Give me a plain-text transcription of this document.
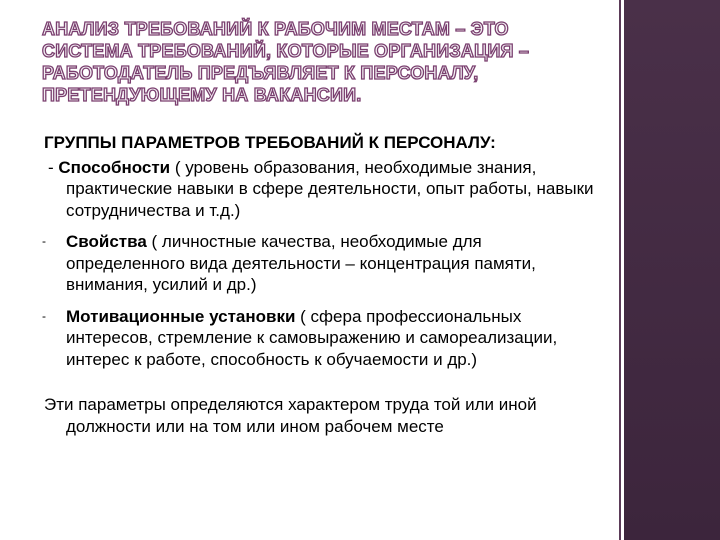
АНАЛИЗ ТРЕБОВАНИЙ К РАБОЧИМ МЕСТАМ – ЭТО СИСТЕМА ТРЕБОВАНИЙ, КОТОРЫЕ ОРГАНИЗАЦИЯ – РАБОТОДАТЕЛЬ ПРЕДЪЯВЛЯЕТ К ПЕРСОНАЛУ, ПРЕТЕНДУЮЩЕМУ НА ВАКАНСИИ.
ГРУППЫ ПАРАМЕТРОВ ТРЕБОВАНИЙ К ПЕРСОНАЛУ:
- Способности ( уровень образования, необходимые знания, практические навыки в сфере деятельности, опыт работы, навыки сотрудничества и т.д.)
- Свойства ( личностные качества, необходимые для определенного вида деятельности – концентрация памяти, внимания, усилий и др.)
- Мотивационные установки ( сфера профессиональных интересов, стремление к самовыражению и самореализации, интерес к работе, способность к обучаемости и др.)
Эти параметры определяются характером труда той или иной должности или на том или ином рабочем месте
